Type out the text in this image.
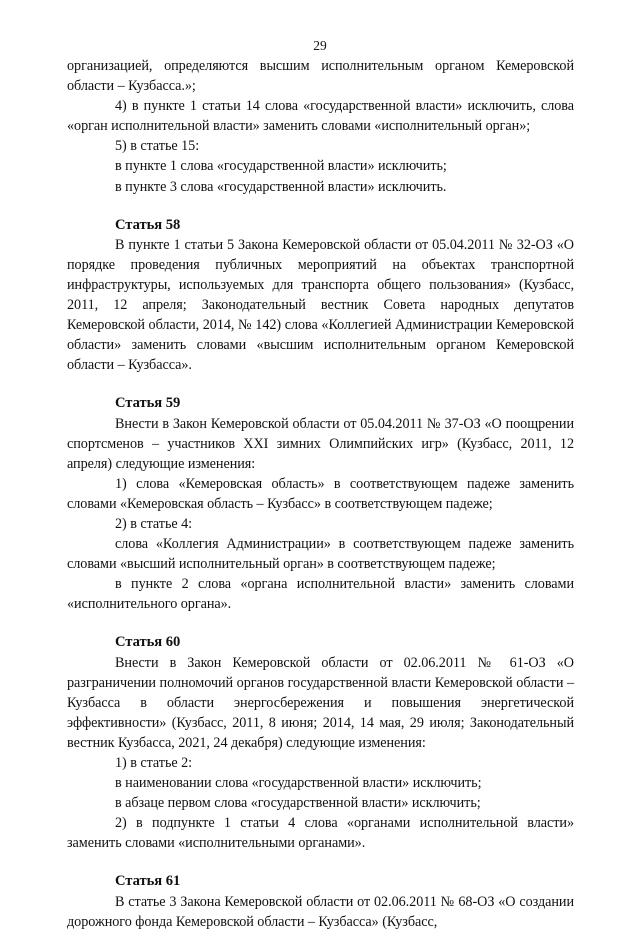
29

организацией, определяются высшим исполнительным органом Кемеровской области – Кузбасса.»;

4) в пункте 1 статьи 14 слова «государственной власти» исключить, слова «орган исполнительной власти» заменить словами «исполнительный орган»;

5) в статье 15:

в пункте 1 слова «государственной власти» исключить;

в пункте 3 слова «государственной власти» исключить.

Статья 58

В пункте 1 статьи 5 Закона Кемеровской области от 05.04.2011 № 32-ОЗ «О порядке проведения публичных мероприятий на объектах транспортной инфраструктуры, используемых для транспорта общего пользования» (Кузбасс, 2011, 12 апреля; Законодательный вестник Совета народных депутатов Кемеровской области, 2014, № 142) слова «Коллегией Администрации Кемеровской области» заменить словами «высшим исполнительным органом Кемеровской области – Кузбасса».

Статья 59

Внести в Закон Кемеровской области от 05.04.2011 № 37-ОЗ «О поощрении спортсменов – участников XXI зимних Олимпийских игр» (Кузбасс, 2011, 12 апреля) следующие изменения:

1) слова «Кемеровская область» в соответствующем падеже заменить словами «Кемеровская область – Кузбасс» в соответствующем падеже;

2) в статье 4:

слова «Коллегия Администрации» в соответствующем падеже заменить словами «высший исполнительный орган» в соответствующем падеже;

в пункте 2 слова «органа исполнительной власти» заменить словами «исполнительного органа».

Статья 60

Внести в Закон Кемеровской области от 02.06.2011 № 61-ОЗ «О разграничении полномочий органов государственной власти Кемеровской области – Кузбасса в области энергосбережения и повышения энергетической эффективности» (Кузбасс, 2011, 8 июня; 2014, 14 мая, 29 июля; Законодательный вестник Кузбасса, 2021, 24 декабря) следующие изменения:

1) в статье 2:

в наименовании слова «государственной власти» исключить;

в абзаце первом слова «государственной власти» исключить;

2) в подпункте 1 статьи 4 слова «органами исполнительной власти» заменить словами «исполнительными органами».

Статья 61

В статье 3 Закона Кемеровской области от 02.06.2011 № 68-ОЗ «О создании дорожного фонда Кемеровской области – Кузбасса» (Кузбасс,
